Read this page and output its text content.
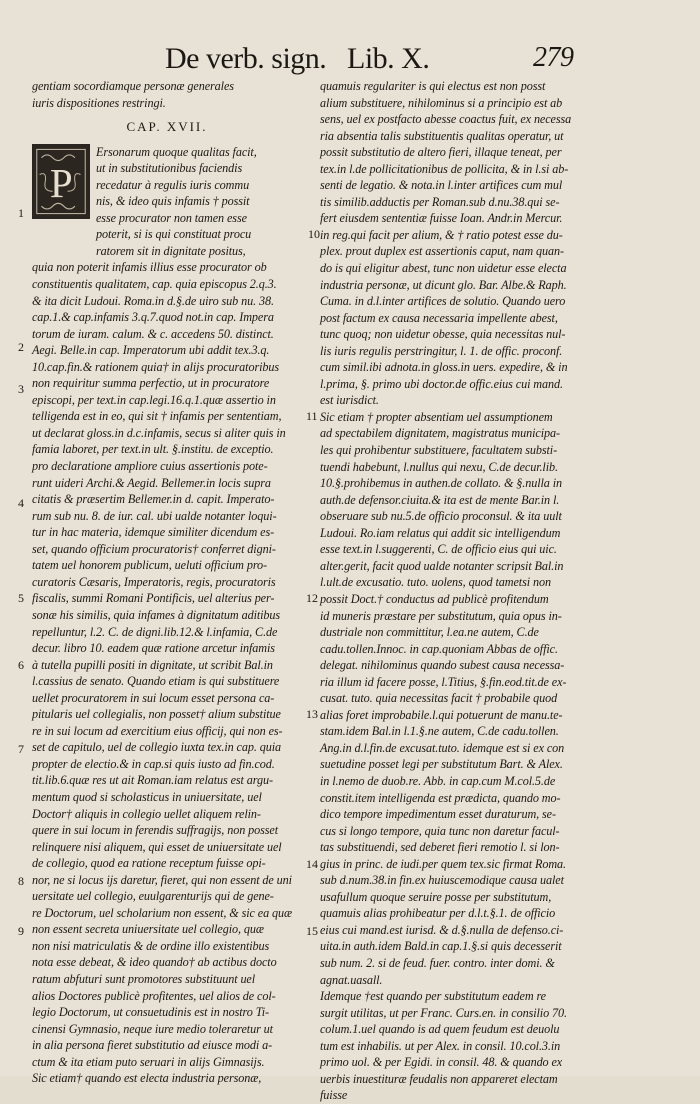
De verb. sign. Lib. X.	279

gentiam socordiamque personæ generales

iuris dispositiones restringi.

CAP. XVII.

P

Ersonarum quoque qualitas facit,

ut in substitutionibus faciendis

recedatur à regulis iuris commu

nis, & ideo quis infamis † possit

esse procurator non tamen esse

poterit, si is qui constituat procu

ratorem sit in dignitate positus,

quia non poterit infamis illius esse procurator ob

constituentis qualitatem, cap. quia episcopus 2.q.3.

& ita dicit Ludoui. Roma.in d.§.de uiro sub nu. 38.

cap.1.& cap.infamis 3.q.7.quod not.in cap. Impera

torum de iuram. calum. & c. accedens 50. distinct.

Aegi. Belle.in cap. Imperatorum ubi addit tex.3.q.

10.cap.fin.& rationem quia† in alijs procuratoribus

non requiritur summa perfectio, ut in procuratore

episcopi, per text.in cap.legi.16.q.1.quæ assertio in

telligenda est in eo, qui sit † infamis per sententiam,

ut declarat gloss.in d.c.infamis, secus si aliter quis in

famia laboret, per text.in ult. §.institu. de exceptio.

pro declaratione ampliore cuius assertionis pote-

runt uideri Archi.& Aegid. Bellemer.in locis supra

citatis & præsertim Bellemer.in d. capit. Imperato-

rum sub nu. 8. de iur. cal. ubi ualde notanter loqui-

tur in hac materia, idemque similiter dicendum es-

set, quando officium procuratoris† conferret digni-

tatem uel honorem publicum, ueluti officium pro-

curatoris Cæsaris, Imperatoris, regis, procuratoris

fiscalis, summi Romani Pontificis, uel alterius per-

sonæ his similis, quia infames à dignitatum aditibus

repelluntur, l.2. C. de digni.lib.12.& l.infamia, C.de

decur. libro 10. eadem quæ ratione arcetur infamis

à tutella pupilli positi in dignitate, ut scribit Bal.in

l.cassius de senato. Quando etiam is qui substituere

uellet procuratorem in sui locum esset persona ca-

pitularis uel collegialis, non posset† alium substitue

re in sui locum ad exercitium eius officij, qui non es-

set de capitulo, uel de collegio iuxta tex.in cap. quia

propter de electio.& in cap.si quis iusto ad fin.cod.

tit.lib.6.quæ res ut ait Roman.iam relatus est argu-

mentum quod si scholasticus in uniuersitate, uel

Doctor† aliquis in collegio uellet aliquem relin-

quere in sui locum in ferendis suffragijs, non posset

relinquere nisi aliquem, qui esset de uniuersitate uel

de collegio, quod ea ratione receptum fuisse opi-

nor, ne si locus ijs daretur, fieret, qui non essent de uni

uersitate uel collegio, euulgarenturijs qui de gene-

re Doctorum, uel scholarium non essent, & sic ea quæ

non essent secreta uniuersitate uel collegio, quæ

non nisi matriculatis & de ordine illo existentibus

nota esse debeat, & ideo quando† ab actibus docto

ratum abfuturi sunt promotores substituunt uel

alios Doctores publicè profitentes, uel alios de col-

legio Doctorum, ut consuetudinis est in nostro Ti-

cinensi Gymnasio, neque iure medio toleraretur ut

in alia persona fieret substitutio ad eiusce modi a-

ctum & ita etiam puto seruari in alijs Gimnasijs.

Sic etiam† quando est electa industria personæ,

quamuis regulariter is qui electus est non posst

alium substituere, nihilominus si a principio est ab

sens, uel ex postfacto abesse coactus fuit, ex necessa

ria absentia talis substituentis qualitas operatur, ut

possit substitutio de altero fieri, illaque teneat, per

tex.in l.de pollicitationibus de pollicita, & in l.si ab-

senti de legatio. & nota.in l.inter artifices cum mul

tis similib.adductis per Roman.sub d.nu.38.qui se-

fert eiusdem sententiæ fuisse Ioan. Andr.in Mercur.

in reg.qui facit per alium, & † ratio potest esse du-

plex. prout duplex est assertionis caput, nam quan-

do is qui eligitur abest, tunc non uidetur esse electa

industria personæ, ut dicunt glo. Bar. Albe.& Raph.

Cuma. in d.l.inter artifices de solutio. Quando uero

post factum ex causa necessaria impellente abest,

tunc quoq; non uidetur obesse, quia necessitas nul-

lis iuris regulis perstringitur, l. 1. de offic. proconf.

cum simil.ibi adnota.in gloss.in uers. expedire, & in

l.prima, §. primo ubi doctor.de offic.eius cui mand.

est iurisdict.

Sic etiam † propter absentiam uel assumptionem

ad spectabilem dignitatem, magistratus municipa-

les qui prohibentur substituere, facultatem substi-

tuendi habebunt, l.nullus qui nexu, C.de decur.lib.

10.§.prohibemus in authen.de collato. & §.nulla in

auth.de defensor.ciuita.& ita est de mente Bar.in l.

obseruare sub nu.5.de officio proconsul. & ita uult

Ludoui. Ro.iam relatus qui addit sic intelligendum

esse text.in l.suggerenti, C. de officio eius qui uic.

alter.gerit, facit quod ualde notanter scripsit Bal.in

l.ult.de excusatio. tuto. uolens, quod tametsi non

possit Doct.† conductus ad publicè profitendum

id muneris præstare per substitutum, quia opus in-

dustriale non committitur, l.ea.ne autem, C.de

cadu.tollen.Innoc. in cap.quoniam Abbas de offic.

delegat. nihilominus quando subest causa necessa-

ria illum id facere posse, l.Titius, §.fin.eod.tit.de ex-

cusat. tuto. quia necessitas facit † probabile quod

alias foret improbabile.l.qui potuerunt de manu.te-

stam.idem Bal.in l.1.§.ne autem, C.de cadu.tollen.

Ang.in d.l.fin.de excusat.tuto. idemque est si ex con

suetudine posset legi per substitutum Bart. & Alex.

in l.nemo de duob.re. Abb. in cap.cum M.col.5.de

constit.item intelligenda est prædicta, quando mo-

dico tempore impedimentum esset duraturum, se-

cus si longo tempore, quia tunc non daretur facul-

tas substituendi, sed deberet fieri remotio l. si lon-

gius in princ. de iudi.per quem tex.sic firmat Roma.

sub d.num.38.in fin.ex huiuscemodique causa ualet

usafullum quoque seruire posse per substitutum,

quamuis alias prohibeatur per d.l.t.§.1. de officio

eius cui mand.est iurisd. & d.§.nulla de defenso.ci-

uita.in auth.idem Bald.in cap.1.§.si quis decesserit

sub num. 2. si de feud. fuer. contro. inter domi. &

agnat.uasall.

Idemque †est quando per substitutum eadem re

surgit utilitas, ut per Franc. Curs.en. in consilio 70.

colum.1.uel quando is ad quem feudum est deuolu

tum est inhabilis. ut per Alex. in consil. 10.col.3.in

primo uol. & per Egidi. in consil. 48. & quando ex

uerbis inuestituræ feudalis non appareret electam

fuisse

1
2
3
4
5
6
7
8
9
10
11
12
13
14
15
